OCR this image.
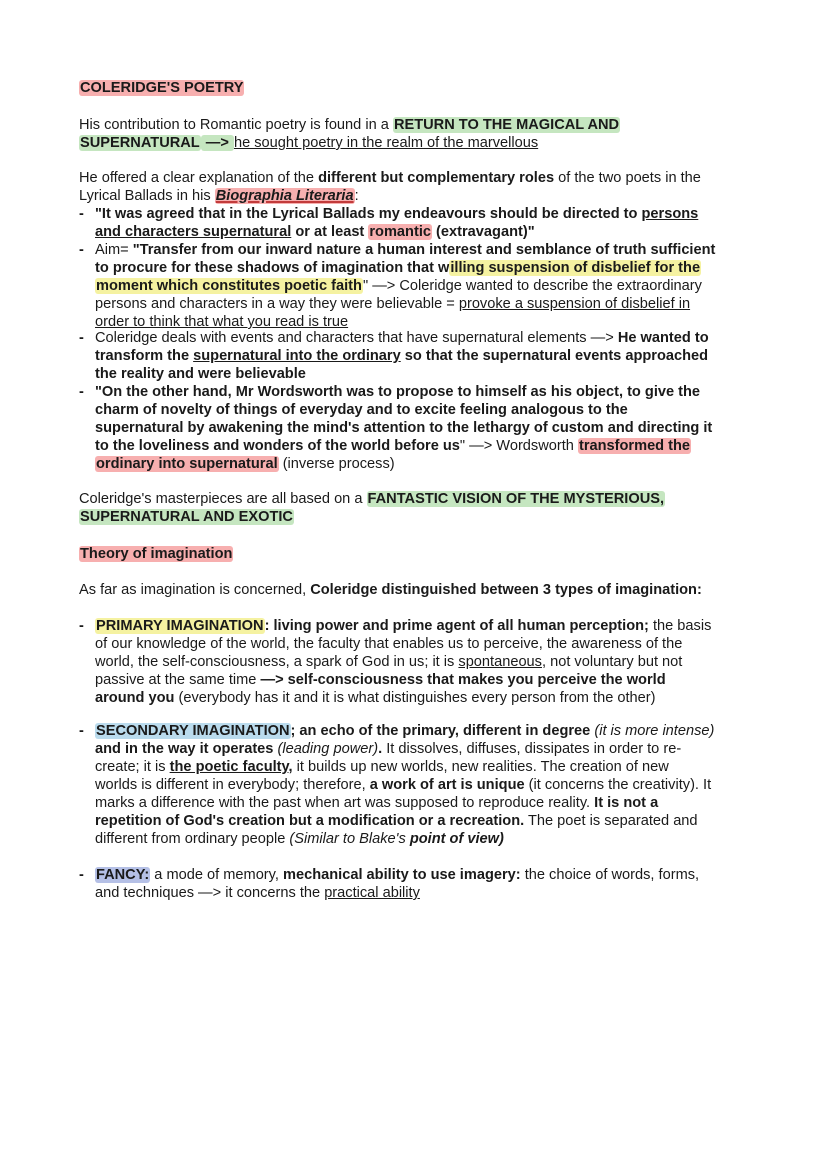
COLERIDGE'S POETRY
His contribution to Romantic poetry is found in a RETURN TO THE MAGICAL AND
SUPERNATURAL —> he sought poetry in the realm of the marvellous
He offered a clear explanation of the different but complementary roles of the two poets in the
Lyrical Ballads in his Biographia Literaria:
- "It was agreed that in the Lyrical Ballads my endeavours should be directed to persons
and characters supernatural or at least romantic (extravagant)"
- Aim= "Transfer from our inward nature a human interest and semblance of truth sufficient
to procure for these shadows of imagination that willing suspension of disbelief for the
moment which constitutes poetic faith" —> Coleridge wanted to describe the extraordinary
persons and characters in a way they were believable = provoke a suspension of disbelief in
order to think that what you read is true
- Coleridge deals with events and characters that have supernatural elements —> He wanted to
transform the supernatural into the ordinary so that the supernatural events approached
the reality and were believable
- "On the other hand, Mr Wordsworth was to propose to himself as his object, to give the
charm of novelty of things of everyday and to excite feeling analogous to the
supernatural by awakening the mind's attention to the lethargy of custom and directing it
to the loveliness and wonders of the world before us" —> Wordsworth transformed the
ordinary into supernatural (inverse process)
Coleridge's masterpieces are all based on a FANTASTIC VISION OF THE MYSTERIOUS,
SUPERNATURAL AND EXOTIC
Theory of imagination
As far as imagination is concerned, Coleridge distinguished between 3 types of imagination:
- PRIMARY IMAGINATION: living power and prime agent of all human perception; the basis
of our knowledge of the world, the faculty that enables us to perceive, the awareness of the
world, the self-consciousness, a spark of God in us; it is spontaneous, not voluntary but not
passive at the same time —> self-consciousness that makes you perceive the world
around you (everybody has it and it is what distinguishes every person from the other)
- SECONDARY IMAGINATION; an echo of the primary, different in degree (it is more intense)
and in the way it operates (leading power). It dissolves, diffuses, dissipates in order to re-
create; it is the poetic faculty, it builds up new worlds, new realities. The creation of new
worlds is different in everybody; therefore, a work of art is unique (it concerns the creativity). It
marks a difference with the past when art was supposed to reproduce reality. It is not a
repetition of God's creation but a modification or a recreation. The poet is separated and
different from ordinary people (Similar to Blake's point of view)
- FANCY: a mode of memory, mechanical ability to use imagery: the choice of words, forms,
and techniques —> it concerns the practical ability
